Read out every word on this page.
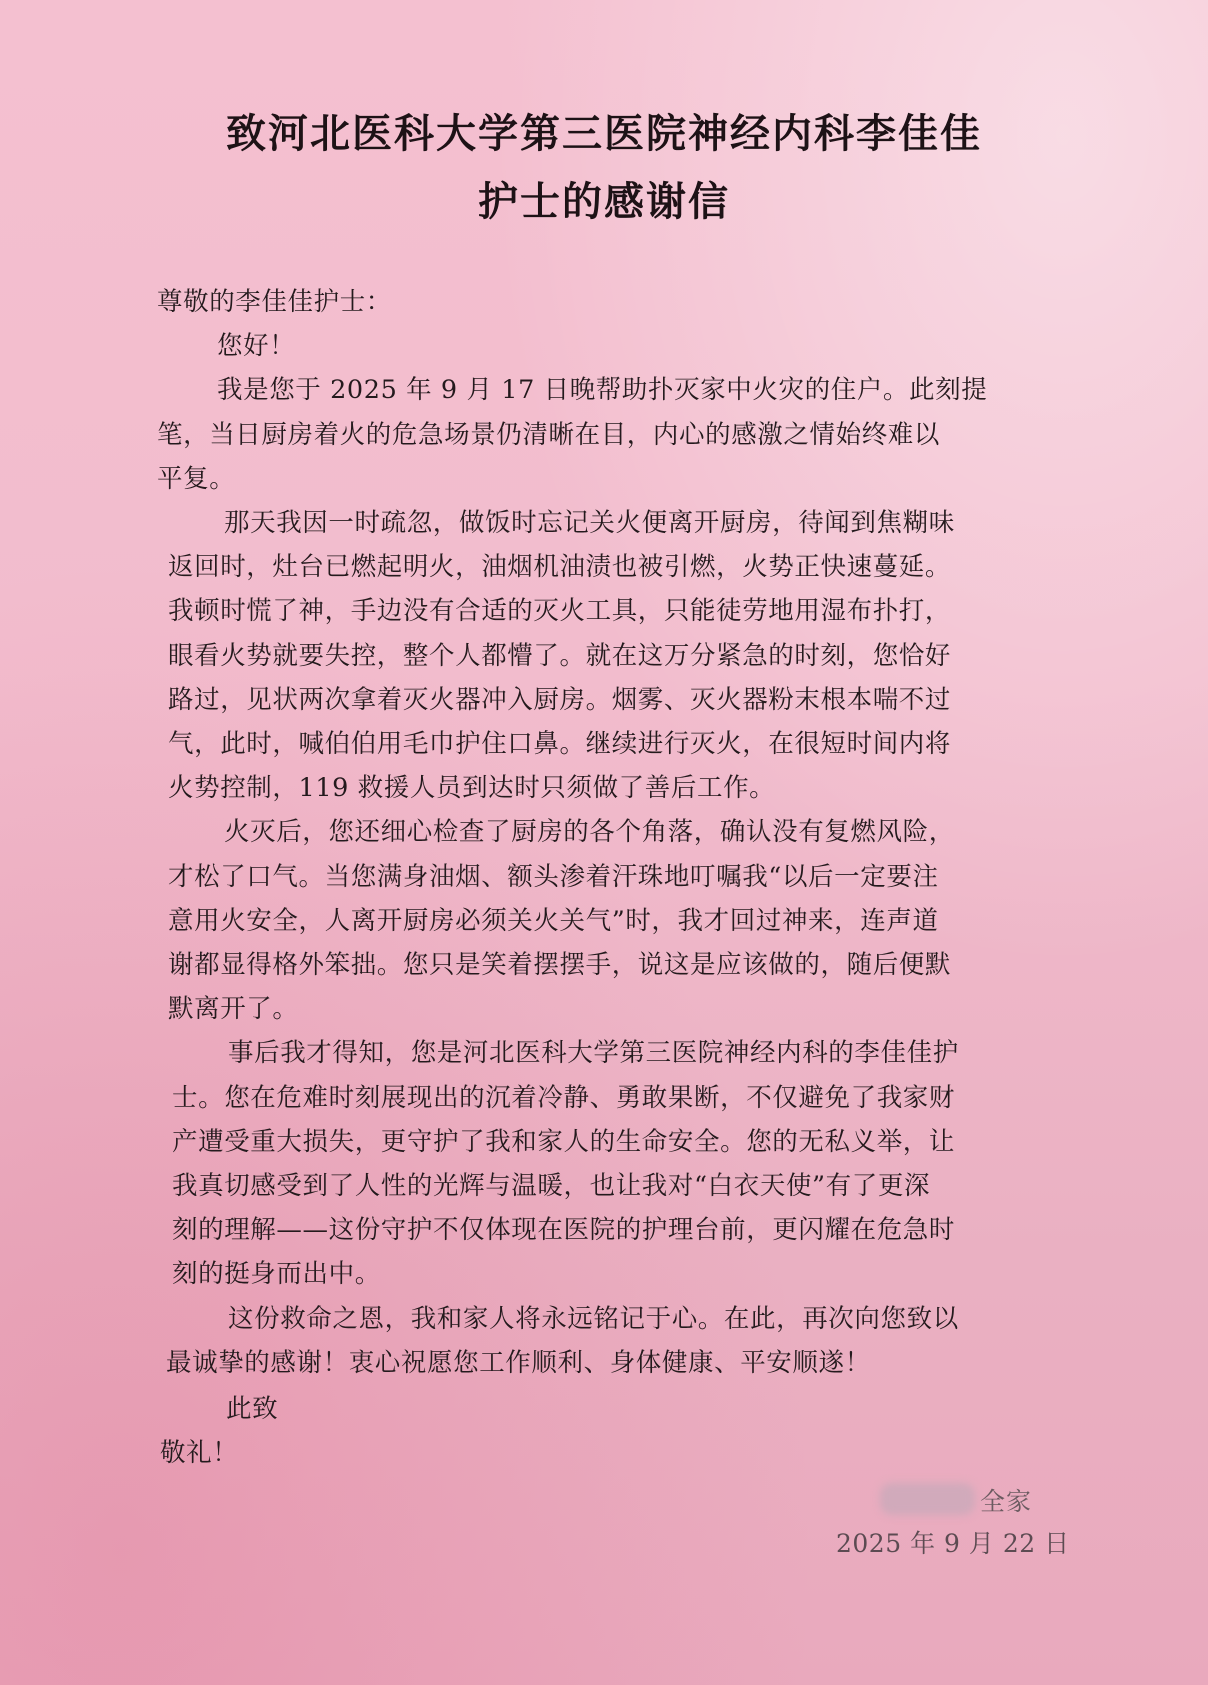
致河北医科大学第三医院神经内科李佳佳
护士的感谢信
尊敬的李佳佳护士：
您好！
我是您于 2025 年 9 月 17 日晚帮助扑灭家中火灾的住户。此刻提
笔，当日厨房着火的危急场景仍清晰在目，内心的感激之情始终难以
平复。
那天我因一时疏忽，做饭时忘记关火便离开厨房，待闻到焦糊味
返回时，灶台已燃起明火，油烟机油渍也被引燃，火势正快速蔓延。
我顿时慌了神，手边没有合适的灭火工具，只能徒劳地用湿布扑打，
眼看火势就要失控，整个人都懵了。就在这万分紧急的时刻，您恰好
路过，见状两次拿着灭火器冲入厨房。烟雾、灭火器粉末根本喘不过
气，此时，喊伯伯用毛巾护住口鼻。继续进行灭火，在很短时间内将
火势控制，119 救援人员到达时只须做了善后工作。
火灭后，您还细心检查了厨房的各个角落，确认没有复燃风险，
才松了口气。当您满身油烟、额头渗着汗珠地叮嘱我“以后一定要注
意用火安全，人离开厨房必须关火关气”时，我才回过神来，连声道
谢都显得格外笨拙。您只是笑着摆摆手，说这是应该做的，随后便默
默离开了。
事后我才得知，您是河北医科大学第三医院神经内科的李佳佳护
士。您在危难时刻展现出的沉着冷静、勇敢果断，不仅避免了我家财
产遭受重大损失，更守护了我和家人的生命安全。您的无私义举，让
我真切感受到了人性的光辉与温暖，也让我对“白衣天使”有了更深
刻的理解——这份守护不仅体现在医院的护理台前，更闪耀在危急时
刻的挺身而出中。
这份救命之恩，我和家人将永远铭记于心。在此，再次向您致以
最诚挚的感谢！衷心祝愿您工作顺利、身体健康、平安顺遂！
此致
敬礼！
全家
2025 年 9 月 22 日
